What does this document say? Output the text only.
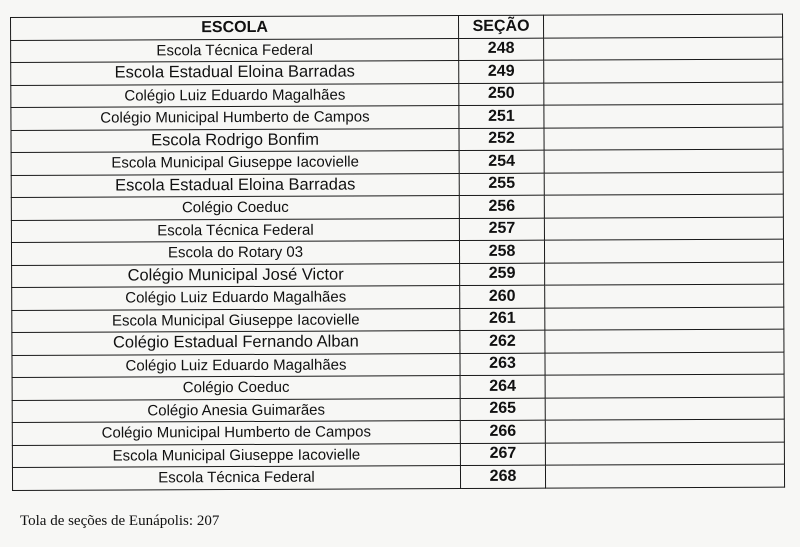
ESCOLA	SEÇÃO	
Escola Técnica Federal	248	
Escola Estadual Eloina Barradas	249	
Colégio Luiz Eduardo Magalhães	250	
Colégio Municipal Humberto de Campos	251	
Escola Rodrigo Bonfim	252	
Escola Municipal Giuseppe Iacovielle	254	
Escola Estadual Eloina Barradas	255	
Colégio Coeduc	256	
Escola Técnica Federal	257	
Escola do Rotary 03	258	
Colégio Municipal José Victor	259	
Colégio Luiz Eduardo Magalhães	260	
Escola Municipal Giuseppe Iacovielle	261	
Colégio Estadual Fernando Alban	262	
Colégio Luiz Eduardo Magalhães	263	
Colégio Coeduc	264	
Colégio Anesia Guimarães	265	
Colégio Municipal Humberto de Campos	266	
Escola Municipal Giuseppe Iacovielle	267	
Escola Técnica Federal	268	
Tola de seções de Eunápolis: 207
